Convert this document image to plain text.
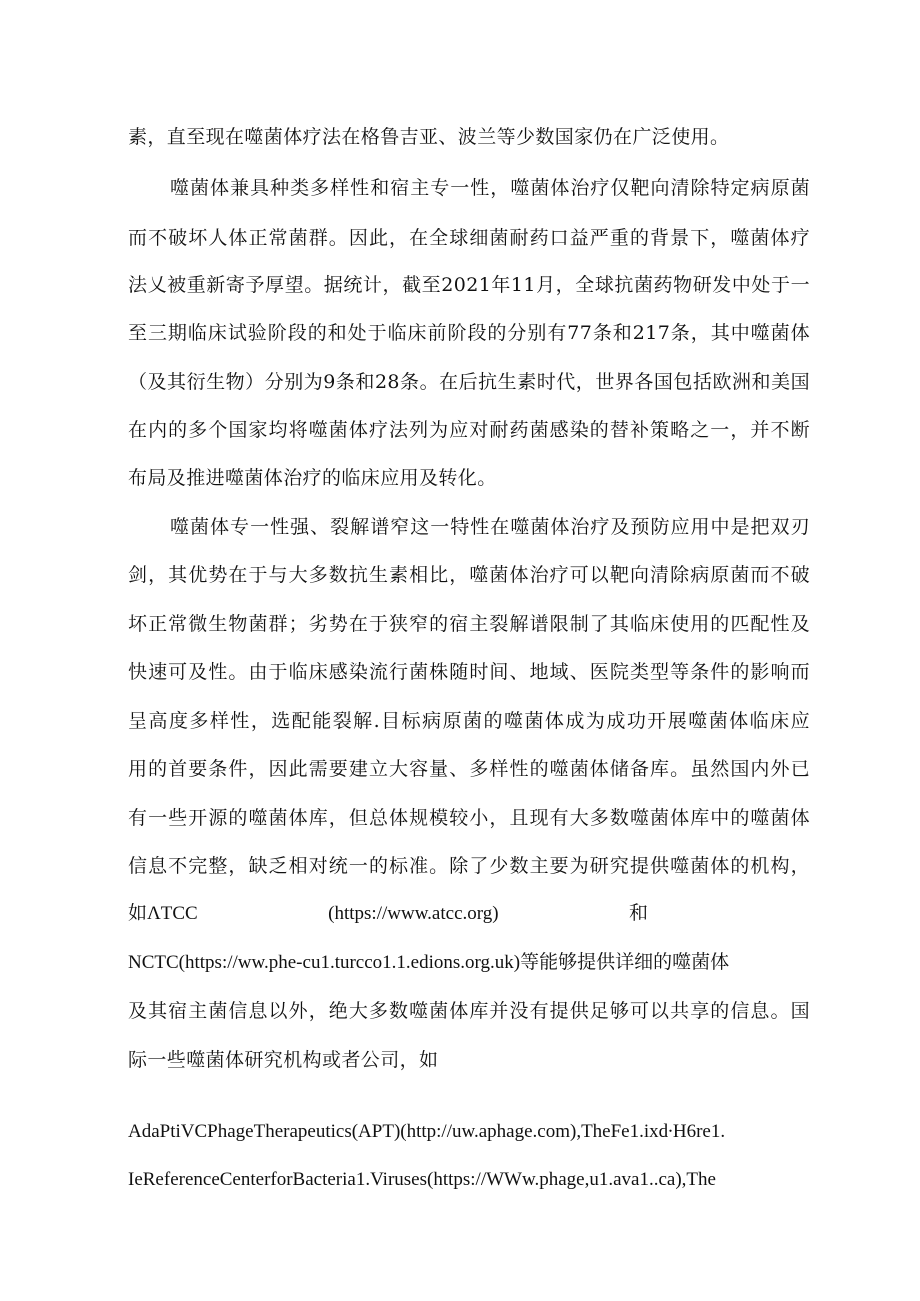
素，直至现在噬菌体疗法在格鲁吉亚、波兰等少数国家仍在广泛使用。
噬菌体兼具种类多样性和宿主专一性，噬菌体治疗仅靶向清除特定病原菌
而不破坏人体正常菌群。因此，在全球细菌耐药口益严重的背景下，噬菌体疗
法乂被重新寄予厚望。据统计，截至2021年11月，全球抗菌药物研发中处于一
至三期临床试验阶段的和处于临床前阶段的分别有77条和217条，其中噬菌体
（及其衍生物）分别为9条和28条。在后抗生素时代，世界各国包括欧洲和美国
在内的多个国家均将噬菌体疗法列为应对耐药菌感染的替补策略之一，并不断
布局及推进噬菌体治疗的临床应用及转化。
噬菌体专一性强、裂解谱窄这一特性在噬菌体治疗及预防应用中是把双刃
剑，其优势在于与大多数抗生素相比，噬菌体治疗可以靶向清除病原菌而不破
坏正常微生物菌群；劣势在于狭窄的宿主裂解谱限制了其临床使用的匹配性及
快速可及性。由于临床感染流行菌株随时间、地域、医院类型等条件的影响而
呈高度多样性，选配能裂解.目标病原菌的噬菌体成为成功开展噬菌体临床应
用的首要条件，因此需要建立大容量、多样性的噬菌体储备库。虽然国内外已
有一些开源的噬菌体库，但总体规模较小，且现有大多数噬菌体库中的噬菌体
信息不完整，缺乏相对统一的标准。除了少数主要为研究提供噬菌体的机构，
如ΛTCC	(https://www.atcc.org)	和
NCTC(https://ww.phe-cu1.turcco1.1.edions.org.uk)等能够提供详细的噬菌体
及其宿主菌信息以外，绝大多数噬菌体库并没有提供足够可以共享的信息。国
际一些噬菌体研究机构或者公司，如
AdaPtiVCPhageTherapeutics(APT)(http://uw.aphage.com),TheFe1.ixd∙H6re1.
IeReferenceCenterforBacteria1.Viruses(https://WWw.phage,u1.ava1..ca),The
